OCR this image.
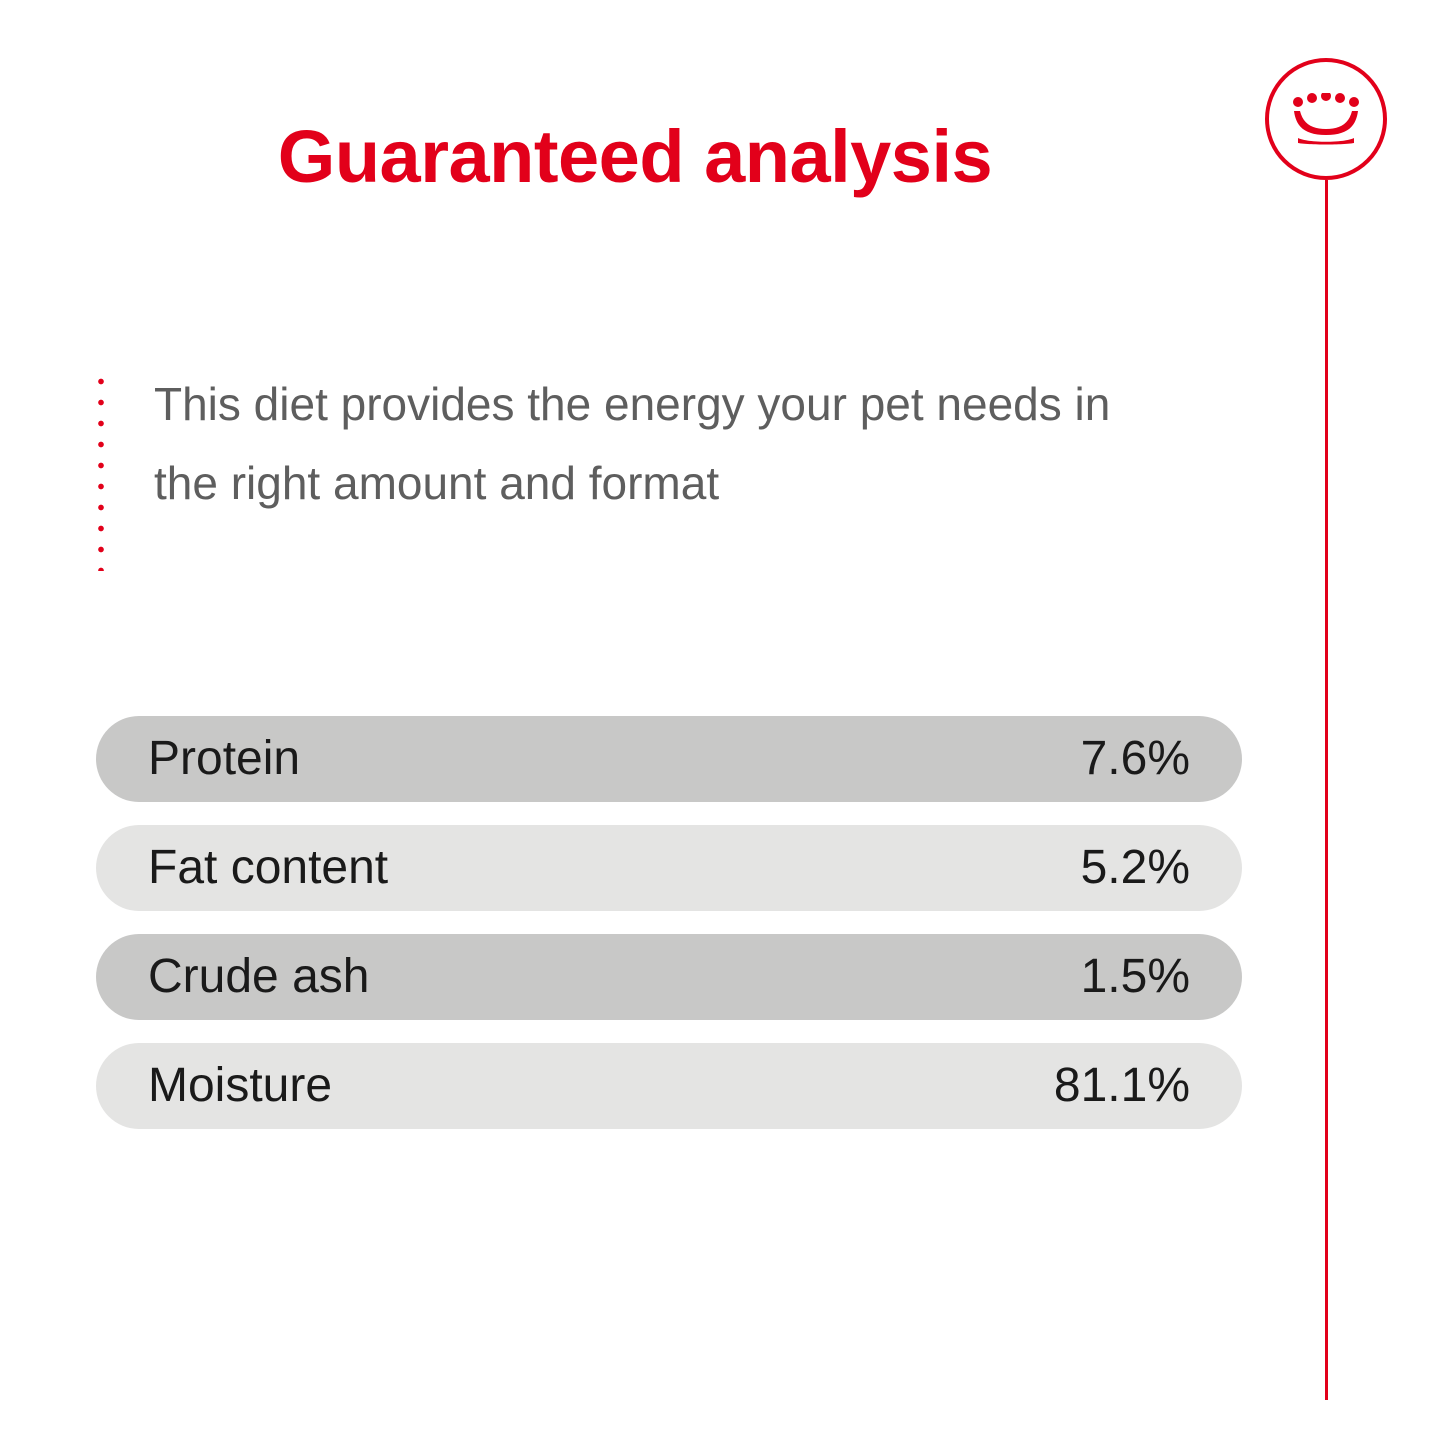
Guaranteed analysis
This diet provides the energy your pet needs in the right amount and format
Protein	7.6%
Fat content	5.2%
Crude ash	1.5%
Moisture	81.1%
